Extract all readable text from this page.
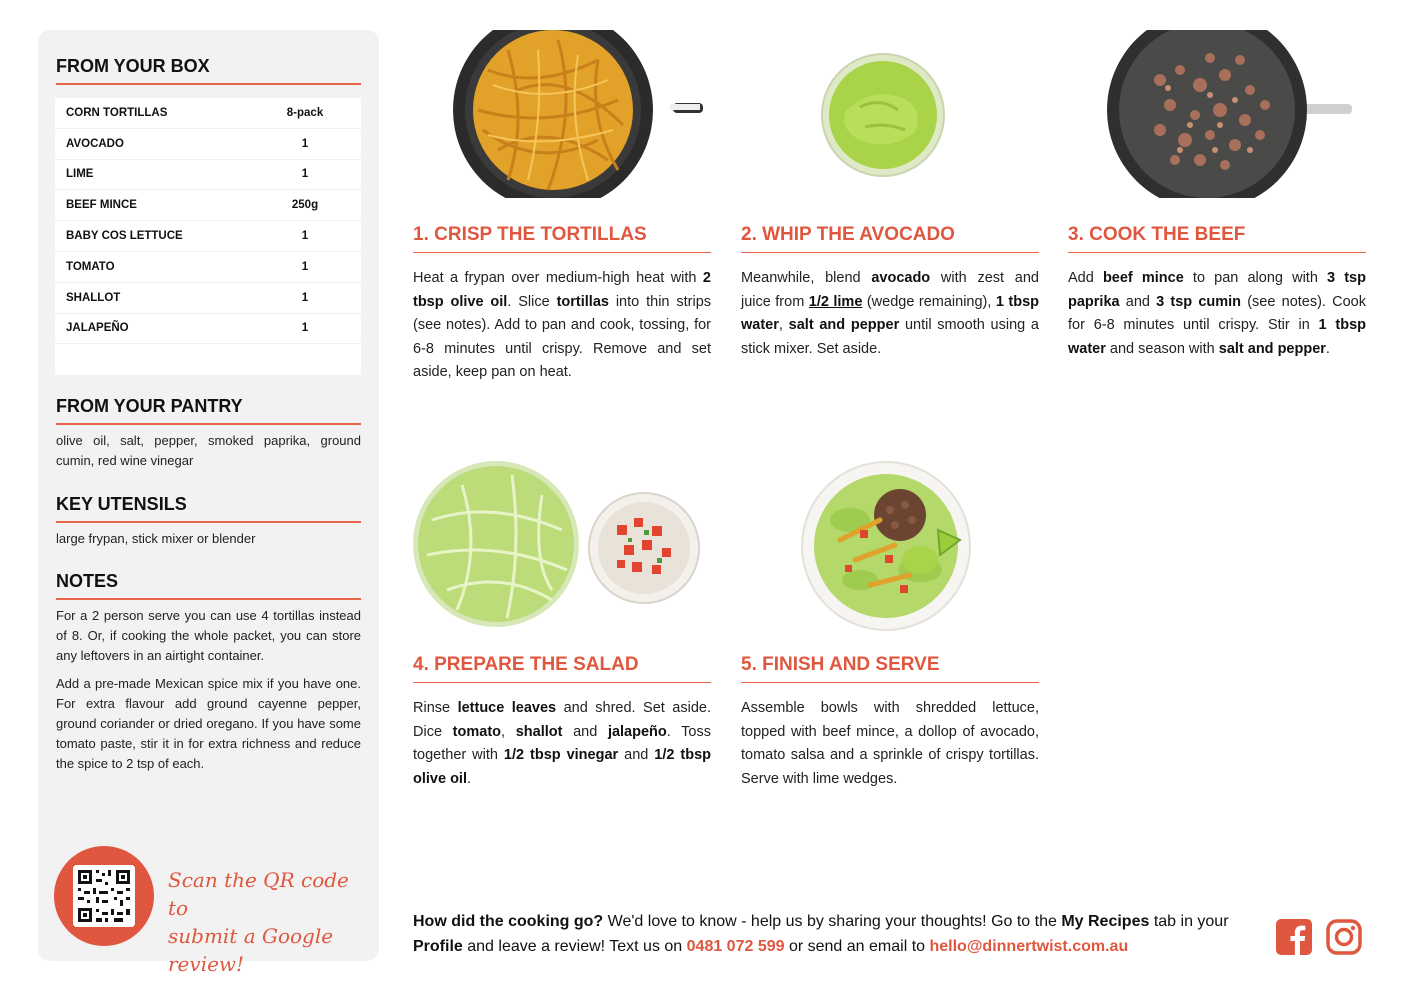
FROM YOUR BOX
CORN TORTILLAS	8-pack
AVOCADO	1
LIME	1
BEEF MINCE	250g
BABY COS LETTUCE	1
TOMATO	1
SHALLOT	1
JALAPEÑO	1
FROM YOUR PANTRY
olive oil, salt, pepper, smoked paprika, ground cumin, red wine vinegar
KEY UTENSILS
large frypan, stick mixer or blender
NOTES
For a 2 person serve you can use 4 tortillas instead of 8. Or, if cooking the whole packet, you can store any leftovers in an airtight container.
Add a pre-made Mexican spice mix if you have one. For extra flavour add ground cayenne pepper, ground coriander or dried oregano. If you have some tomato paste, stir it in for extra richness and reduce the spice to 2 tsp of each.
Scan the QR code to
submit a Google review!
1. CRISP THE TORTILLAS
Heat a frypan over medium-high heat with 2 tbsp olive oil. Slice tortillas into thin strips (see notes). Add to pan and cook, tossing, for 6-8 minutes until crispy. Remove and set aside, keep pan on heat.
2. WHIP THE AVOCADO
Meanwhile, blend avocado with zest and juice from 1/2 lime (wedge remaining), 1 tbsp water, salt and pepper until smooth using a stick mixer. Set aside.
3. COOK THE BEEF
Add beef mince to pan along with 3 tsp paprika and 3 tsp cumin (see notes). Cook for 6-8 minutes until crispy. Stir in 1 tbsp water and season with salt and pepper.
4. PREPARE THE SALAD
Rinse lettuce leaves and shred. Set aside. Dice tomato, shallot and jalapeño. Toss together with 1/2 tbsp vinegar and 1/2 tbsp olive oil.
5. FINISH AND SERVE
Assemble bowls with shredded lettuce, topped with beef mince, a dollop of avocado, tomato salsa and a sprinkle of crispy tortillas. Serve with lime wedges.
How did the cooking go? We'd love to know - help us by sharing your thoughts! Go to the My Recipes tab in your Profile and leave a review! Text us on 0481 072 599 or send an email to hello@dinnertwist.com.au
